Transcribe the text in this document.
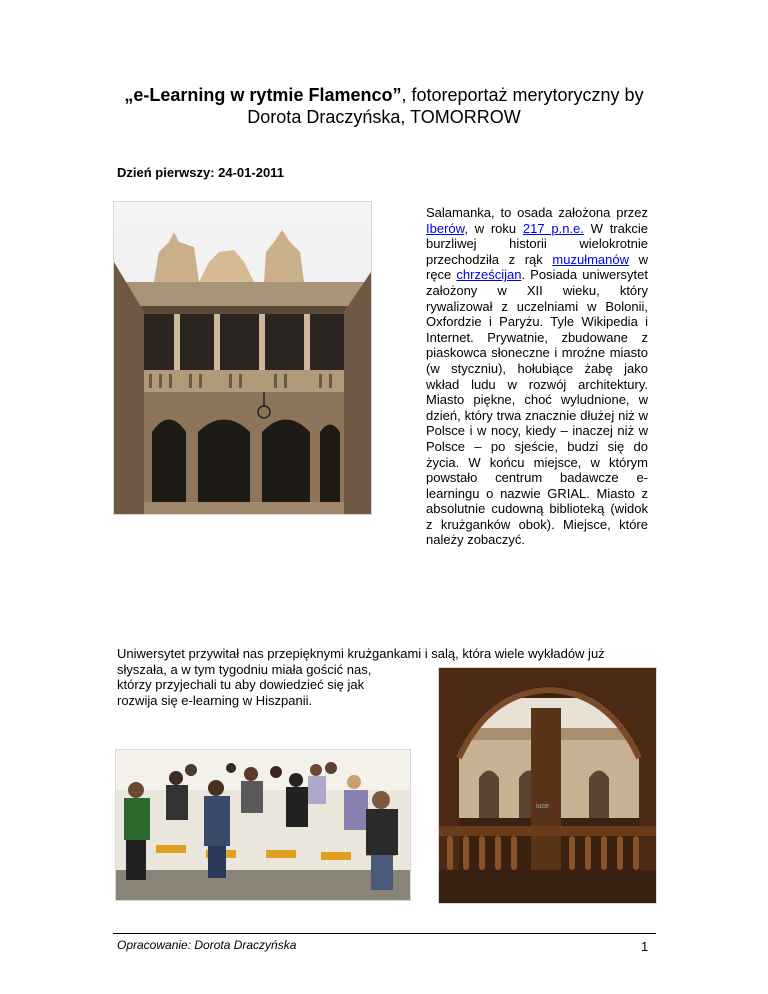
„e-Learning w rytmie Flamenco”, fotoreportaż merytoryczny by
Dorota Draczyńska, TOMORROW
Dzień pierwszy: 24-01-2011
Salamanka, to osada założona przez Iberów, w roku 217 p.n.e. W trakcie burzliwej historii wielokrotnie przechodziła z rąk muzułmanów w ręce chrześcijan. Posiada uniwersytet założony w XII wieku, który rywalizował z uczelniami w Bolonii, Oxfordzie i Paryżu. Tyle Wikipedia i Internet. Prywatnie, zbudowane z piaskowca słoneczne i mroźne miasto (w styczniu), hołubiące żabę jako wkład ludu w rozwój architektury. Miasto piękne, choć wyludnione, w dzień, który trwa znacznie dłużej niż w Polsce i w nocy, kiedy – inaczej niż w Polsce – po sjeście, budzi się do życia. W końcu miejsce, w którym powstało centrum badawcze e-learningu o nazwie GRIAL. Miasto z absolutnie cudowną biblioteką (widok z krużganków obok). Miejsce, które należy zobaczyć.
Uniwersytet przywitał nas przepięknymi krużgankami i salą, która wiele wykładów już
słyszała, a w tym tygodniu miała gościć nas,
którzy przyjechali tu aby dowiedzieć się jak
rozwija się e-learning w Hiszpanii.
iuce
Opracowanie: Dorota Draczyńska	1
